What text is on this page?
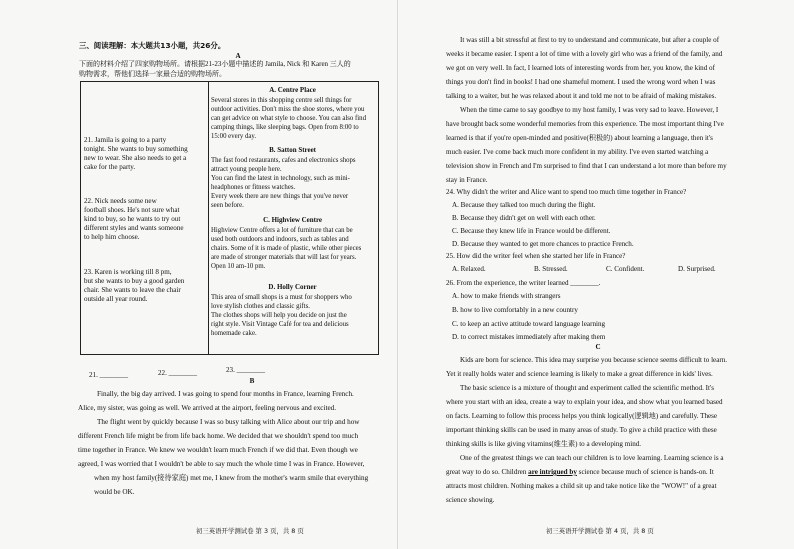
三、阅读理解：本大题共13小题，共26分。
A
下面的材料介绍了四家购物场所。请根据21-23小题中描述的 Jamila, Nick 和 Karen 三人的
购物需求，帮他们选择一家最合适的购物场所。
21. Jamila is going to a party
tonight. She wants to buy something
new to wear. She also needs to get a
cake for the party.
22. Nick needs some new
football shoes. He's not sure what
kind to buy, so he wants to try out
different styles and wants someone
to help him choose.
23. Karen is working till 8 pm,
but she wants to buy a good garden
chair. She wants to leave the chair
outside all year round.
A. Centre Place
Several stores in this shopping centre sell things for
outdoor activities. Don't miss the shoe stores, where you
can get advice on what style to choose. You can also find
camping things, like sleeping bags. Open from 8:00 to
15:00 every day.
B. Satton Street
The fast food restaurants, cafes and electronics shops
attract young people here.
You can find the latest in technology, such as mini-
headphones or fitness watches.
Every week there are new things that you've never
seen before.
C. Highview Centre
Highview Centre offers a lot of furniture that can be
used both outdoors and indoors, such as tables and
chairs. Some of it is made of plastic, while other pieces
are made of stronger materials that will last for years.
Open 10 am-10 pm.
D. Holly Corner
This area of small shops is a must for shoppers who
love stylish clothes and classic gifts.
The clothes shops will help you decide on just the
right style. Visit Vintage Café for tea and delicious
homemade cake.
21. ________	22. ________	23. ________
B
Finally, the big day arrived. I was going to spend four months in France, learning French.
Alice, my sister, was going as well. We arrived at the airport, feeling nervous and excited.
The flight went by quickly because I was so busy talking with Alice about our trip and how
different French life might be from life back home. We decided that we shouldn't spend too much
time together in France. We knew we wouldn't learn much French if we did that. Even though we
agreed, I was worried that I wouldn't be able to say much the whole time I was in France. However,
when my host family(接待家庭) met me, I knew from the mother's warm smile that everything
would be OK.
初三英语开学测试卷 第 3 页，共 8 页
It was still a bit stressful at first to try to understand and communicate, but after a couple of
weeks it became easier. I spent a lot of time with a lovely girl who was a friend of the family, and
we got on very well. In fact, I learned lots of interesting words from her, you know, the kind of
things you don't find in books! I had one shameful moment. I used the wrong word when I was
talking to a waiter, but he was relaxed about it and told me not to be afraid of making mistakes.
When the time came to say goodbye to my host family, I was very sad to leave. However, I
have brought back some wonderful memories from this experience. The most important thing I've
learned is that if you're open-minded and positive(积极的) about learning a language, then it's
much easier. I've come back much more confident in my ability. I've even started watching a
television show in French and I'm surprised to find that I can understand a lot more than before my
stay in France.
24. Why didn't the writer and Alice want to spend too much time together in France?
A. Because they talked too much during the flight.
B. Because they didn't get on well with each other.
C. Because they knew life in France would be different.
D. Because they wanted to get more chances to practice French.
25. How did the writer feel when she started her life in France?
A. Relaxed.	B. Stressed.	C. Confident.	D. Surprised.
26. From the experience, the writer learned ________.
A. how to make friends with strangers
B. how to live comfortably in a new country
C. to keep an active attitude toward language learning
D. to correct mistakes immediately after making them
C
Kids are born for science. This idea may surprise you because science seems difficult to learn.
Yet it really holds water and science learning is likely to make a great difference in kids' lives.
The basic science is a mixture of thought and experiment called the scientific method. It's
where you start with an idea, create a way to explain your idea, and show what you learned based
on facts. Learning to follow this process helps you think logically(逻辑地) and carefully. These
important thinking skills can be used in many areas of study. To give a child practice with these
thinking skills is like giving vitamins(维生素) to a developing mind.
One of the greatest things we can teach our children is to love learning. Learning science is a
great way to do so. Children are intrigued by science because much of science is hands-on. It
attracts most children. Nothing makes a child sit up and take notice like the "WOW!" of a great
science showing.
初三英语开学测试卷 第 4 页，共 8 页
